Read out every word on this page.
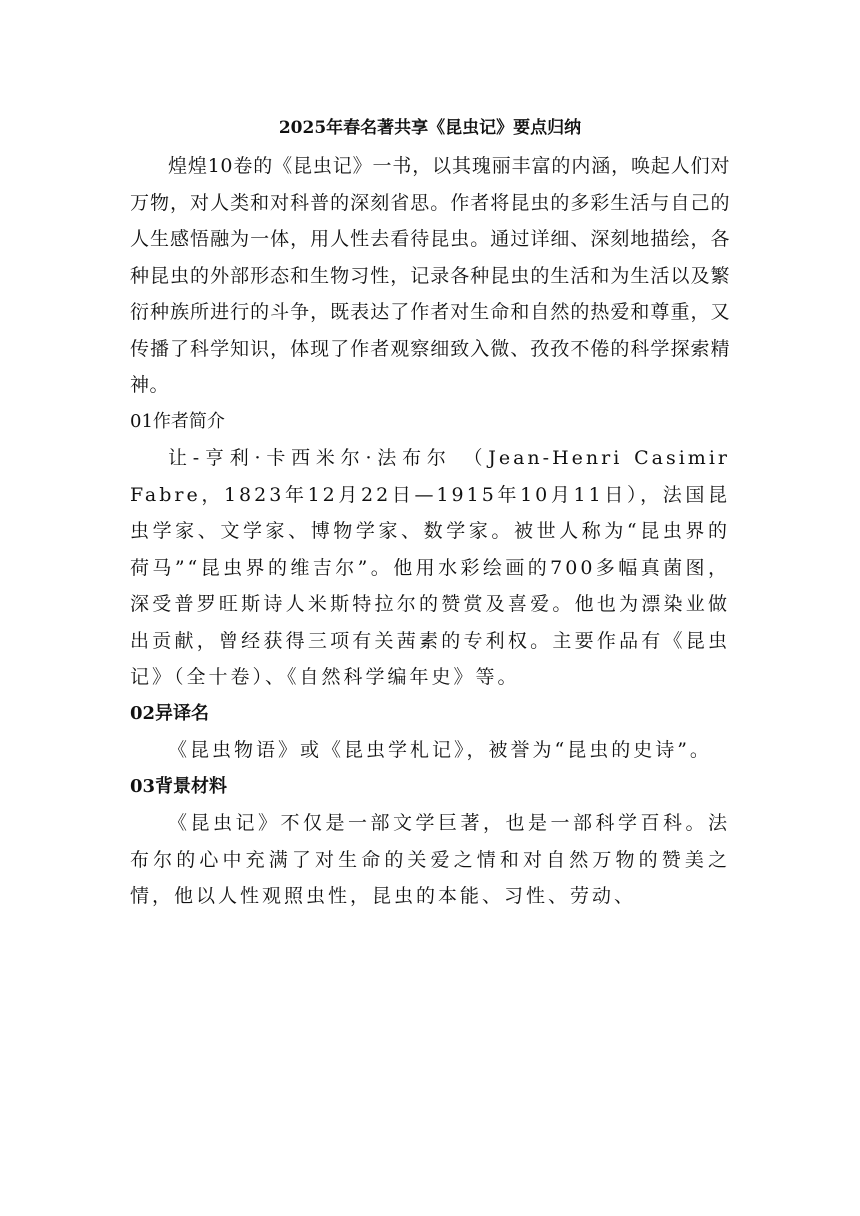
2025年春名著共享《昆虫记》要点归纳

煌煌10卷的《昆虫记》一书，以其瑰丽丰富的内涵，唤起人们对万物，对人类和对科普的深刻省思。作者将昆虫的多彩生活与自己的人生感悟融为一体，用人性去看待昆虫。通过详细、深刻地描绘，各种昆虫的外部形态和生物习性，记录各种昆虫的生活和为生活以及繁衍种族所进行的斗争，既表达了作者对生命和自然的热爱和尊重，又传播了科学知识，体现了作者观察细致入微、孜孜不倦的科学探索精神。

01作者简介

让-亨利·卡西米尔·法布尔 （Jean-Henri Casimir Fabre，1823年12月22日—1915年10月11日），法国昆虫学家、文学家、博物学家、数学家。被世人称为“昆虫界的荷马”“昆虫界的维吉尔”。他用水彩绘画的700多幅真菌图，深受普罗旺斯诗人米斯特拉尔的赞赏及喜爱。他也为漂染业做出贡献，曾经获得三项有关茜素的专利权。主要作品有《昆虫记》（全十卷）、《自然科学编年史》等。

02异译名

《昆虫物语》或《昆虫学札记》，被誉为“昆虫的史诗”。

03背景材料

《昆虫记》不仅是一部文学巨著，也是一部科学百科。法布尔的心中充满了对生命的关爱之情和对自然万物的赞美之情，他以人性观照虫性，昆虫的本能、习性、劳动、
